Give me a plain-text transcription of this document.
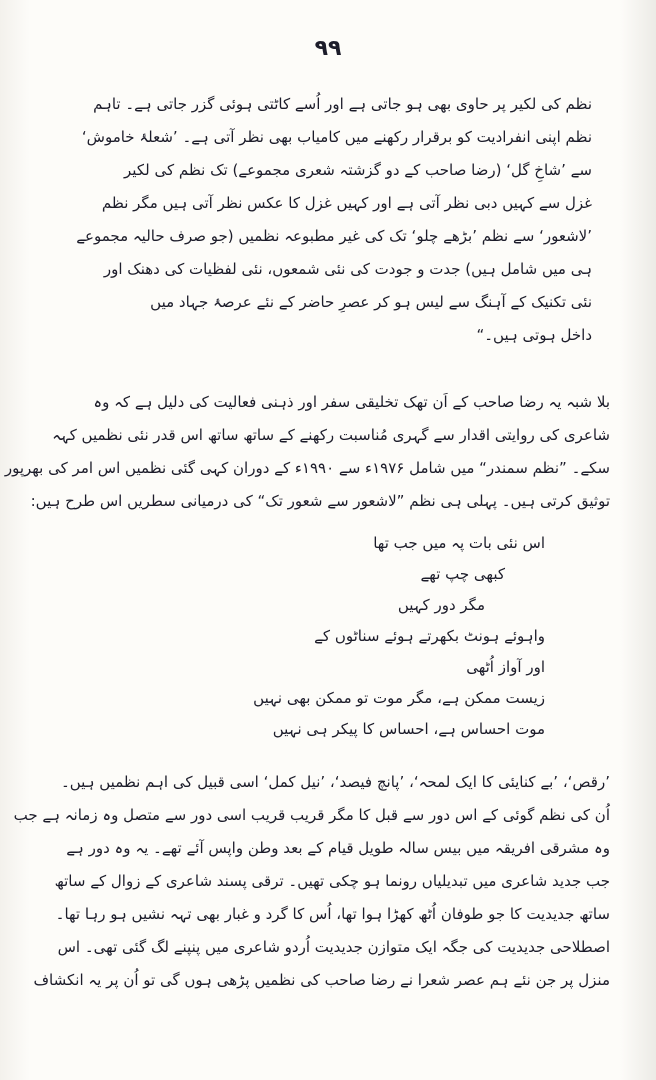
۹۹
نظم کی لکیر پر حاوی بھی ہو جاتی ہے اور اُسے کاٹتی ہوئی گزر جاتی ہے۔ تاہم
نظم اپنی انفرادیت کو برقرار رکھنے میں کامیاب بھی نظر آتی ہے۔ ’شعلۂ خاموش‘
سے ’شاخِ گل‘ (رضا صاحب کے دو گزشتہ شعری مجموعے) تک نظم کی لکیر
غزل سے کہیں دبی نظر آتی ہے اور کہیں غزل کا عکس نظر آتی ہیں مگر نظم
’لاشعور‘ سے نظم ’بڑھے چلو‘ تک کی غیر مطبوعہ نظمیں (جو صرف حالیہ مجموعے
ہی میں شامل ہیں) جدت و جودت کی نئی شمعوں، نئی لفظیات کی دھنک اور
نئی تکنیک کے آہنگ سے لیس ہو کر عصرِ حاضر کے نئے عرصۂ جہاد میں
داخل ہوتی ہیں۔“
بلا شبہ یہ رضا صاحب کے اَن تھک تخلیقی سفر اور ذہنی فعالیت کی دلیل ہے کہ وہ
شاعری کی روایتی اقدار سے گہری مُناسبت رکھنے کے ساتھ ساتھ اس قدر نئی نظمیں کہہ
سکے۔ ”نظم سمندر“ میں شامل ۱۹۷۶ء سے ۱۹۹۰ء کے دوران کہی گئی نظمیں اس امر کی بھرپور
توثیق کرتی ہیں۔ پہلی ہی نظم ”لاشعور سے شعور تک“ کی درمیانی سطریں اس طرح ہیں:
اس نئی بات پہ میں جب تھا
کبھی چپ تھے
مگر دور کہیں
واہوئے ہونٹ بکھرتے ہوئے سناٹوں کے
اور آواز اُٹھی
زیست ممکن ہے، مگر موت تو ممکن بھی نہیں
موت احساس ہے، احساس کا پیکر ہی نہیں
’رقص‘، ’بے کنایئی کا ایک لمحہ‘، ’پانچ فیصد‘، ’نیل کمل‘ اسی قبیل کی اہم نظمیں ہیں۔
اُن کی نظم گوئی کے اس دور سے قبل کا مگر قریب قریب اسی دور سے متصل وہ زمانہ ہے جب
وہ مشرقی افریقہ میں بیس سالہ طویل قیام کے بعد وطن واپس آئے تھے۔ یہ وہ دور ہے
جب جدید شاعری میں تبدیلیاں رونما ہو چکی تھیں۔ ترقی پسند شاعری کے زوال کے ساتھ
ساتھ جدیدیت کا جو طوفان اُٹھ کھڑا ہوا تھا، اُس کا گرد و غبار بھی تہہ نشیں ہو رہا تھا۔
اصطلاحی جدیدیت کی جگہ ایک متوازن جدیدیت اُردو شاعری میں پنپنے لگ گئی تھی۔ اس
منزل پر جن نئے ہم عصر شعرا نے رضا صاحب کی نظمیں پڑھی ہوں گی تو اُن پر یہ انکشاف
